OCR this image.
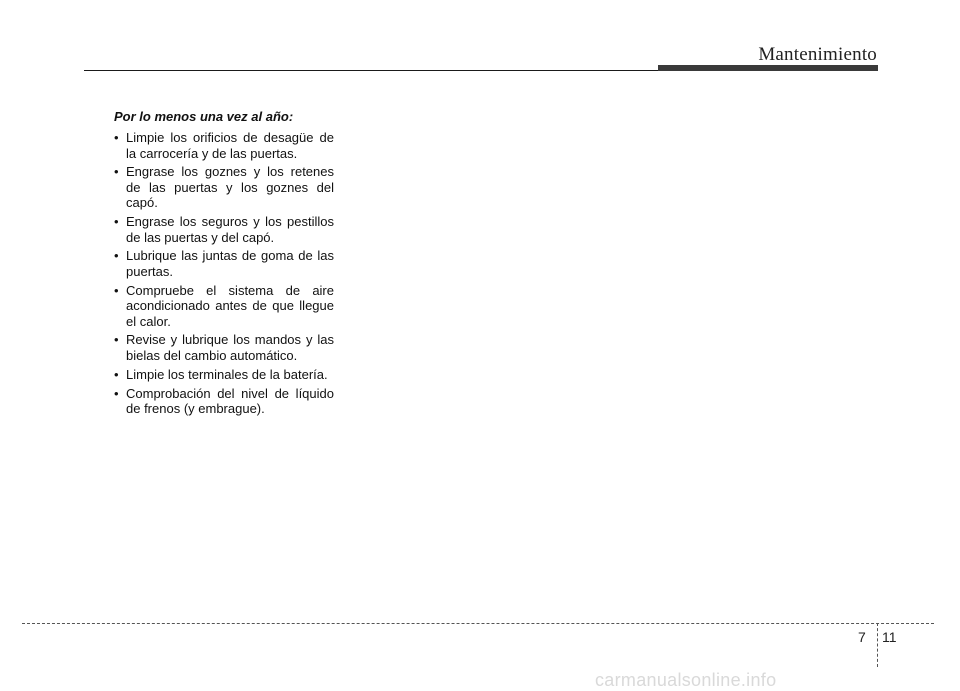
Mantenimiento
Por lo menos una vez al año:
• Limpie los orificios de desagüe de la carrocería y de las puertas.
• Engrase los goznes y los retenes de las puertas y los goznes del capó.
• Engrase los seguros y los pestillos de las puertas y del capó.
• Lubrique las juntas de goma de las puertas.
• Compruebe el sistema de aire acondicionado antes de que llegue el calor.
• Revise y lubrique los mandos y las bielas del cambio automático.
• Limpie los terminales de la batería.
• Comprobación del nivel de líquido de frenos (y embrague).
7 11
carmanualsonline.info
